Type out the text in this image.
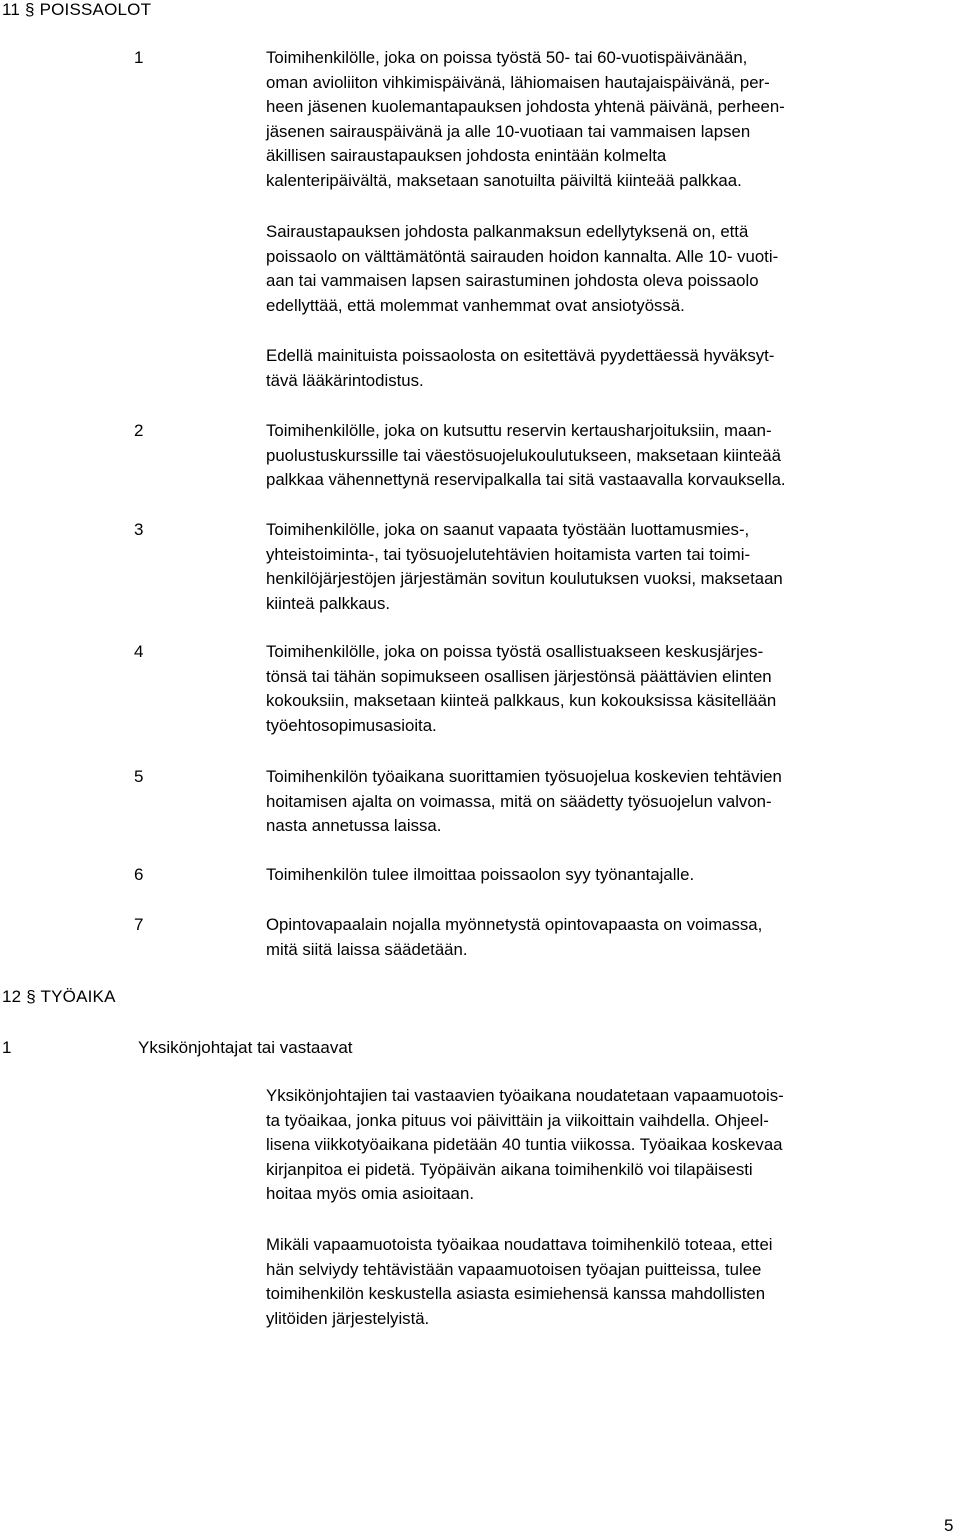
11 § POISSAOLOT
1	Toimihenkilölle, joka on poissa työstä 50- tai 60-vuotispäivänään,
oman avioliiton vihkimispäivänä, lähiomaisen hautajaispäivänä, per-
heen jäsenen kuolemantapauksen johdosta yhtenä päivänä, perheen-
jäsenen sairauspäivänä ja alle 10-vuotiaan tai vammaisen lapsen
äkillisen sairaustapauksen johdosta enintään kolmelta
kalenteripäivältä, maksetaan sanotuilta päiviltä kiinteää palkkaa.
Sairaustapauksen johdosta palkanmaksun edellytyksenä on, että
poissaolo on välttämätöntä sairauden hoidon kannalta. Alle 10- vuoti-
aan tai vammaisen lapsen sairastuminen johdosta oleva poissaolo
edellyttää, että molemmat vanhemmat ovat ansiotyössä.
Edellä mainituista poissaolosta on esitettävä pyydettäessä hyväksyt-
tävä lääkärintodistus.
2	Toimihenkilölle, joka on kutsuttu reservin kertausharjoituksiin, maan-
puolustuskurssille tai väestösuojelukoulutukseen, maksetaan kiinteää
palkkaa vähennettynä reservipalkalla tai sitä vastaavalla korvauksella.
3	Toimihenkilölle, joka on saanut vapaata työstään luottamusmies-,
yhteistoiminta-, tai työsuojelutehtävien hoitamista varten tai toimi-
henkilöjärjestöjen järjestämän sovitun koulutuksen vuoksi, maksetaan
kiinteä palkkaus.
4	Toimihenkilölle, joka on poissa työstä osallistuakseen keskusjärjes-
tönsä tai tähän sopimukseen osallisen järjestönsä päättävien elinten
kokouksiin, maksetaan kiinteä palkkaus, kun kokouksissa käsitellään
työehtosopimusasioita.
5	Toimihenkilön työaikana suorittamien työsuojelua koskevien tehtävien
hoitamisen ajalta on voimassa, mitä on säädetty työsuojelun valvon-
nasta annetussa laissa.
6	Toimihenkilön tulee ilmoittaa poissaolon syy työnantajalle.
7	Opintovapaalain nojalla myönnetystä opintovapaasta on voimassa,
mitä siitä laissa säädetään.
12 § TYÖAIKA
1	Yksikönjohtajat tai vastaavat
Yksikönjohtajien tai vastaavien työaikana noudatetaan vapaamuotois-
ta työaikaa, jonka pituus voi päivittäin ja viikoittain vaihdella. Ohjeel-
lisena viikkotyöaikana pidetään 40 tuntia viikossa. Työaikaa koskevaa
kirjanpitoa ei pidetä. Työpäivän aikana toimihenkilö voi tilapäisesti
hoitaa myös omia asioitaan.
Mikäli vapaamuotoista työaikaa noudattava toimihenkilö toteaa, ettei
hän selviydy tehtävistään vapaamuotoisen työajan puitteissa, tulee
toimihenkilön keskustella asiasta esimiehensä kanssa mahdollisten
ylitöiden järjestelyistä.
5
